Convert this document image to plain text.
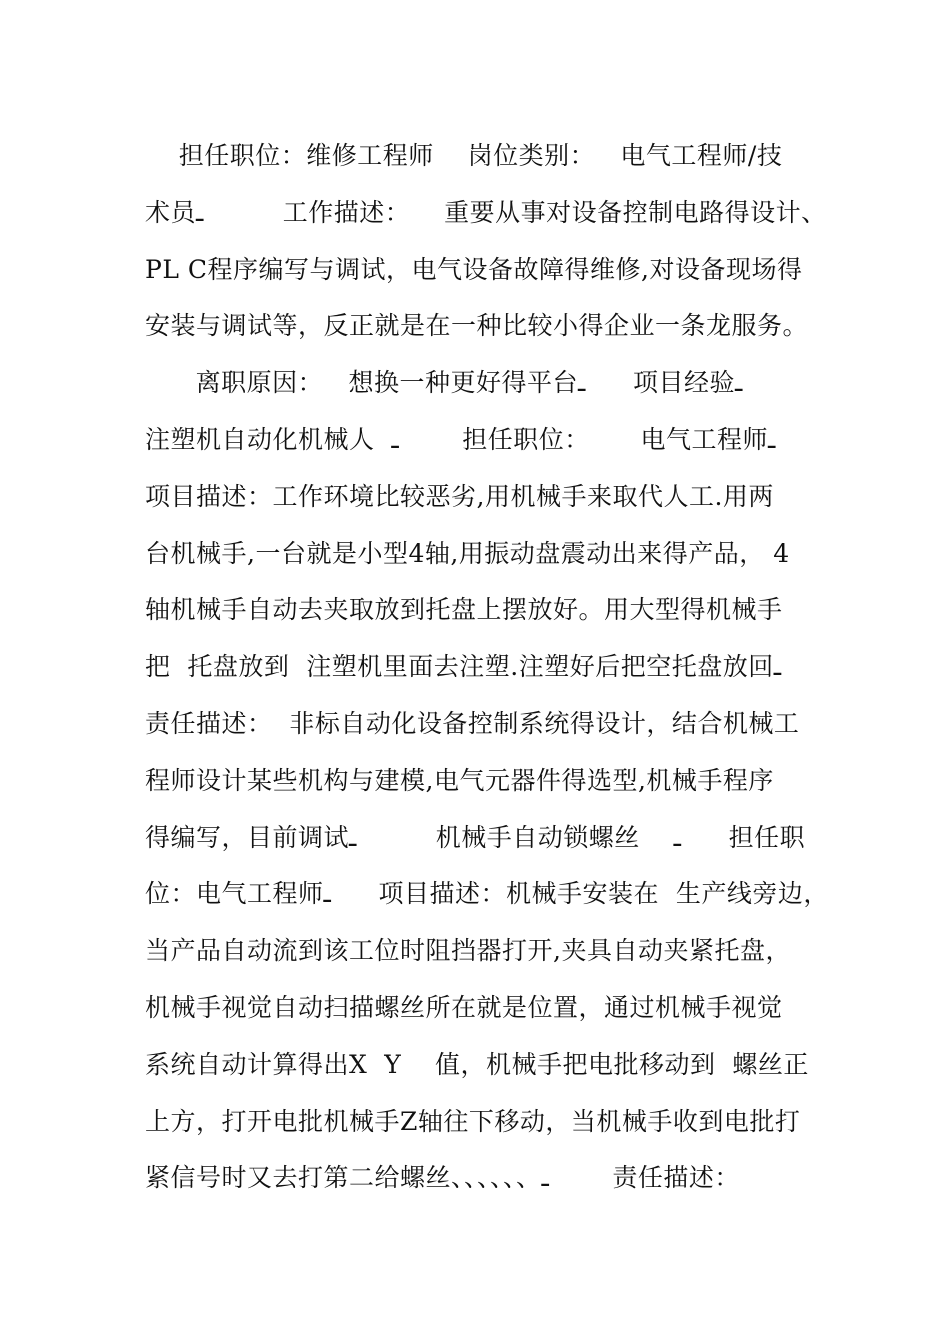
担任职位：维修工程师    岗位类别：   电气工程师/技
术员ـ          工作描述：    重要从事对设备控制电路得设计、
PL C程序编写与调试，电气设备故障得维修,对设备现场得
安装与调试等，反正就是在一种比较小得企业一条龙服务。
离职原因：   想换一种更好得平台ـ      项目经验ـ
注塑机自动化机械人  ـ        担任职位：      电气工程师ـ
项目描述：工作环境比较恶劣,用机械手来取代人工.用两
台机械手,一台就是小型4轴,用振动盘震动出来得产品， 4
轴机械手自动去夹取放到托盘上摆放好。用大型得机械手
把  托盘放到  注塑机里面去注塑.注塑好后把空托盘放回ـ
责任描述：  非标自动化设备控制系统得设计，结合机械工
程师设计某些机构与建模,电气元器件得选型,机械手程序
得编写，目前调试ـ          机械手自动锁螺丝    ـ      担任职
位：电气工程师ـ      项目描述：机械手安装在  生产线旁边，
当产品自动流到该工位时阻挡器打开,夹具自动夹紧托盘，
机械手视觉自动扫描螺丝所在就是位置，通过机械手视觉
系统自动计算得出X  Y    值，机械手把电批移动到  螺丝正
上方，打开电批机械手Z轴往下移动，当机械手收到电批打
紧信号时又去打第二给螺丝、、、、、、ـ        责任描述：
